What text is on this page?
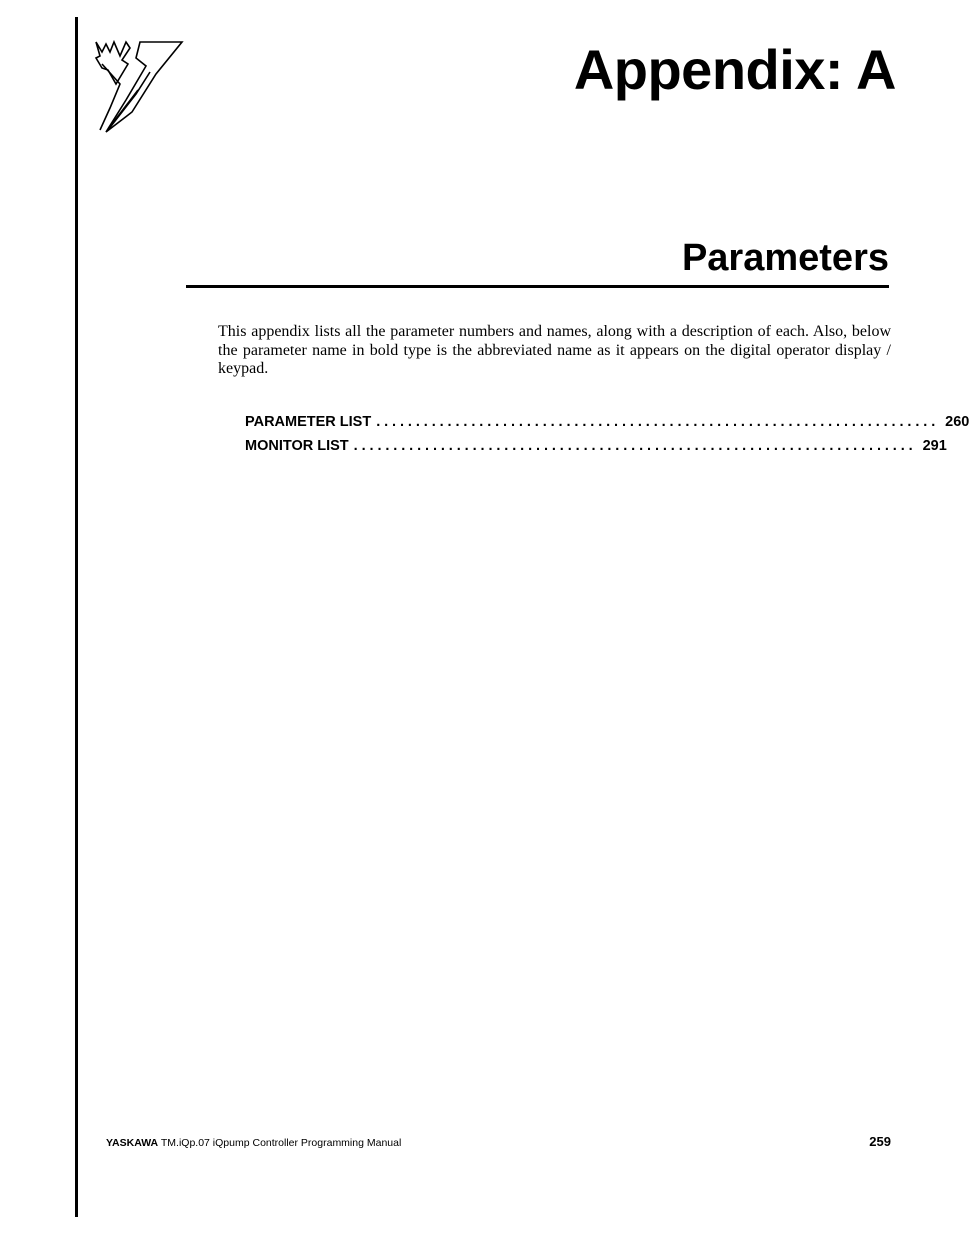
Appendix: A
Parameters

This appendix lists all the parameter numbers and names, along with a description of each. Also, below the parameter name in bold type is the abbreviated name as it appears on the digital operator display / keypad.

PARAMETER LIST ....................................................................... 260
MONITOR LIST ....................................................................... 291
YASKAWA TM.iQp.07 iQpump Controller Programming Manual	259
